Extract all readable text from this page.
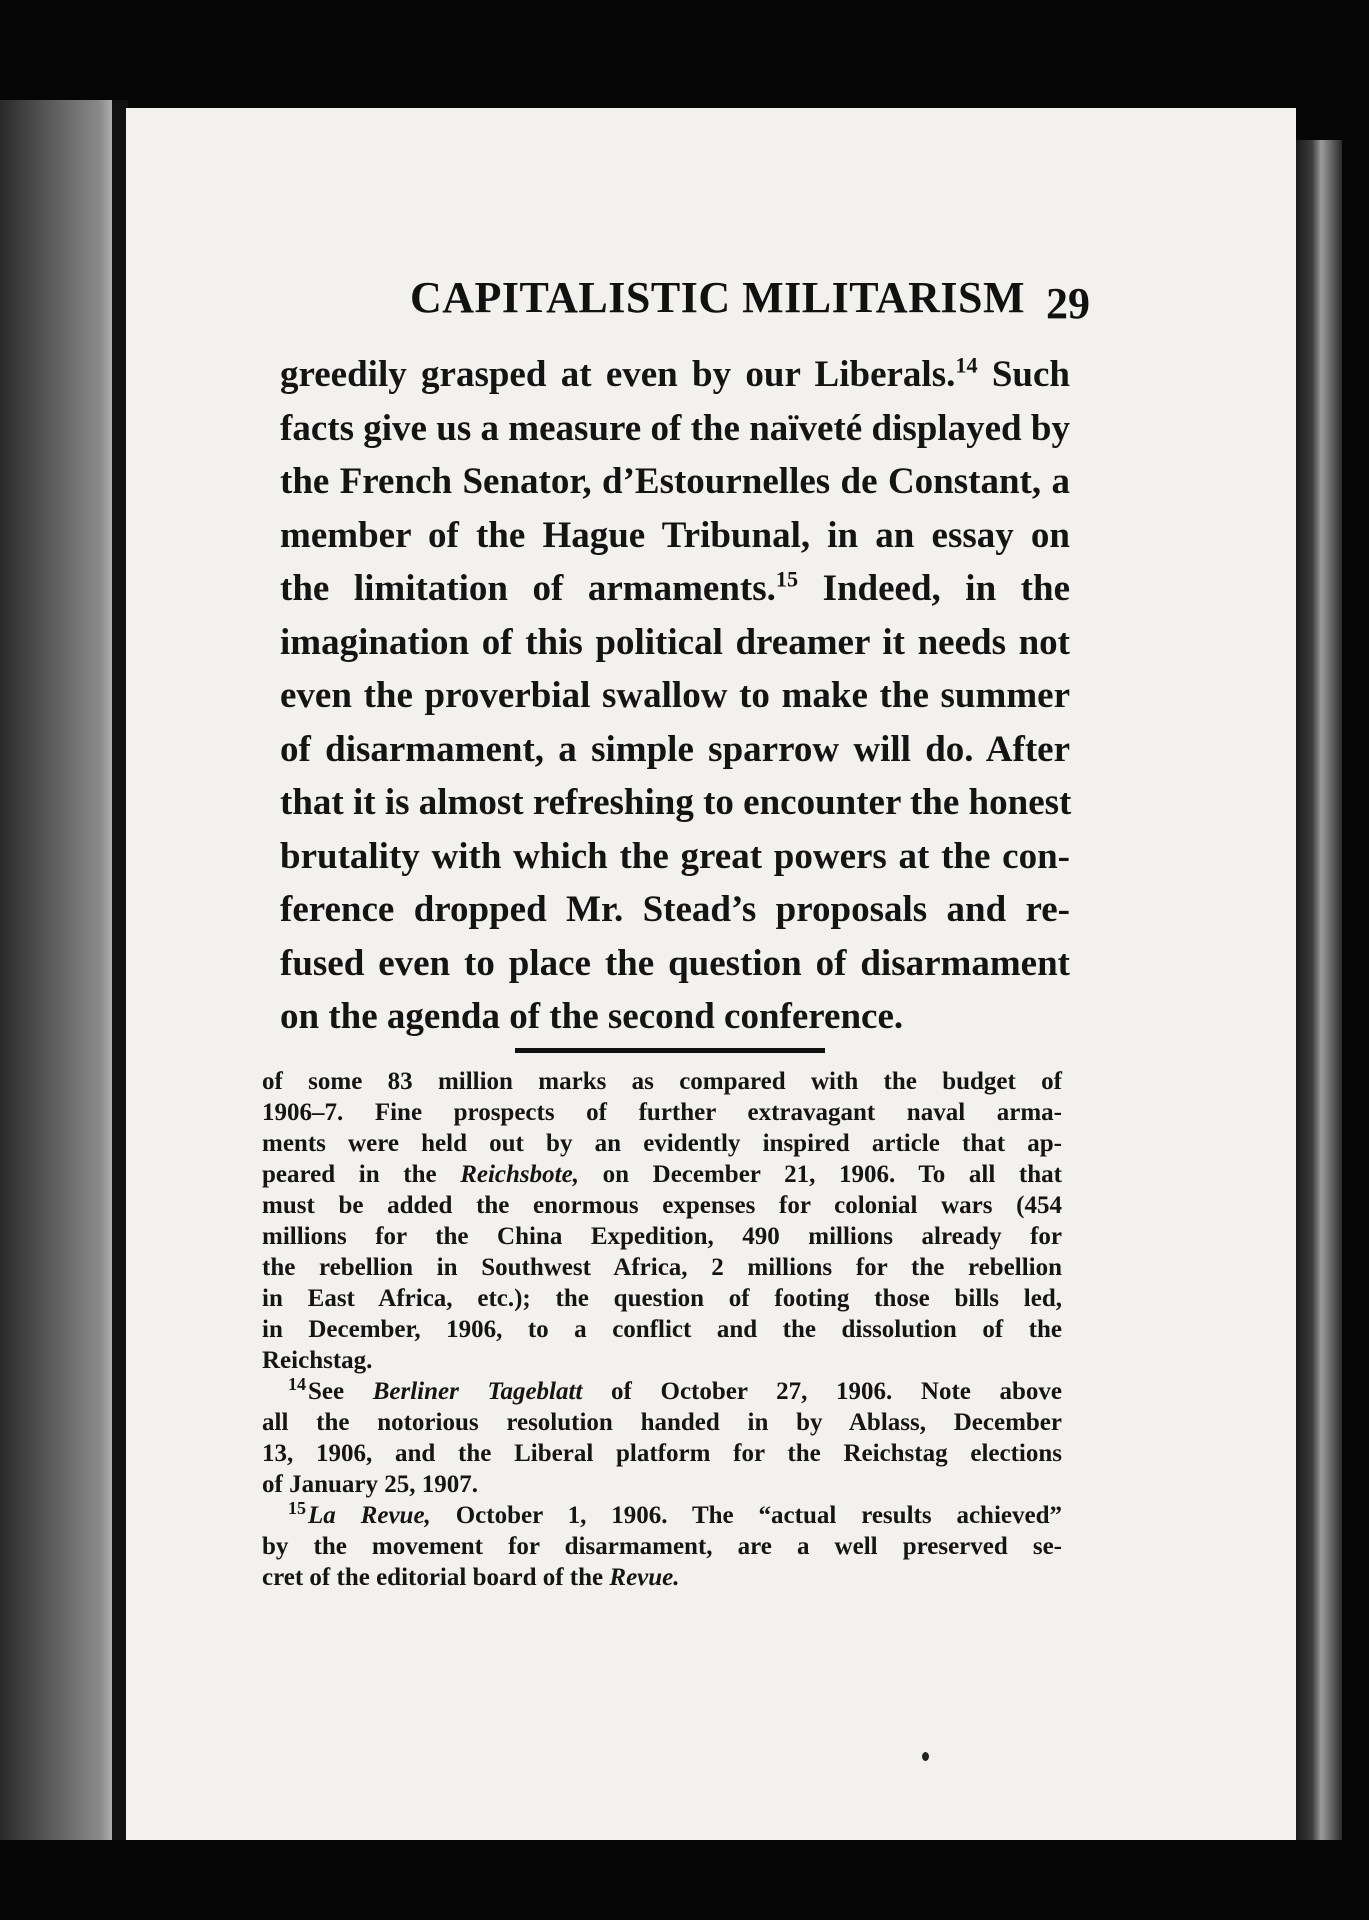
CAPITALISTIC MILITARISM 29
greedily grasped at even by our Liberals.$^{14}$ Such
facts give us a measure of the naïveté displayed by
the French Senator, d’Estournelles de Constant, a
member of the Hague Tribunal, in an essay on
the limitation of armaments.$^{15}$ Indeed, in the
imagination of this political dreamer it needs not
even the proverbial swallow to make the summer
of disarmament, a simple sparrow will do. After
that it is almost refreshing to encounter the honest
brutality with which the great powers at the con-
ference dropped Mr. Stead’s proposals and re-
fused even to place the question of disarmament
on the agenda of the second conference.
of some 83 million marks as compared with the budget of
1906–7. Fine prospects of further extravagant naval arma-
ments were held out by an evidently inspired article that ap-
peared in the Reichsbote, on December 21, 1906. To all that
must be added the enormous expenses for colonial wars (454
millions for the China Expedition, 490 millions already for
the rebellion in Southwest Africa, 2 millions for the rebellion
in East Africa, etc.); the question of footing those bills led,
in December, 1906, to a conflict and the dissolution of the
Reichstag.
$^{14}$See Berliner Tageblatt of October 27, 1906. Note above
all the notorious resolution handed in by Ablass, December
13, 1906, and the Liberal platform for the Reichstag elections
of January 25, 1907.
$^{15}$La Revue, October 1, 1906. The “actual results achieved”
by the movement for disarmament, are a well preserved se-
cret of the editorial board of the Revue.
